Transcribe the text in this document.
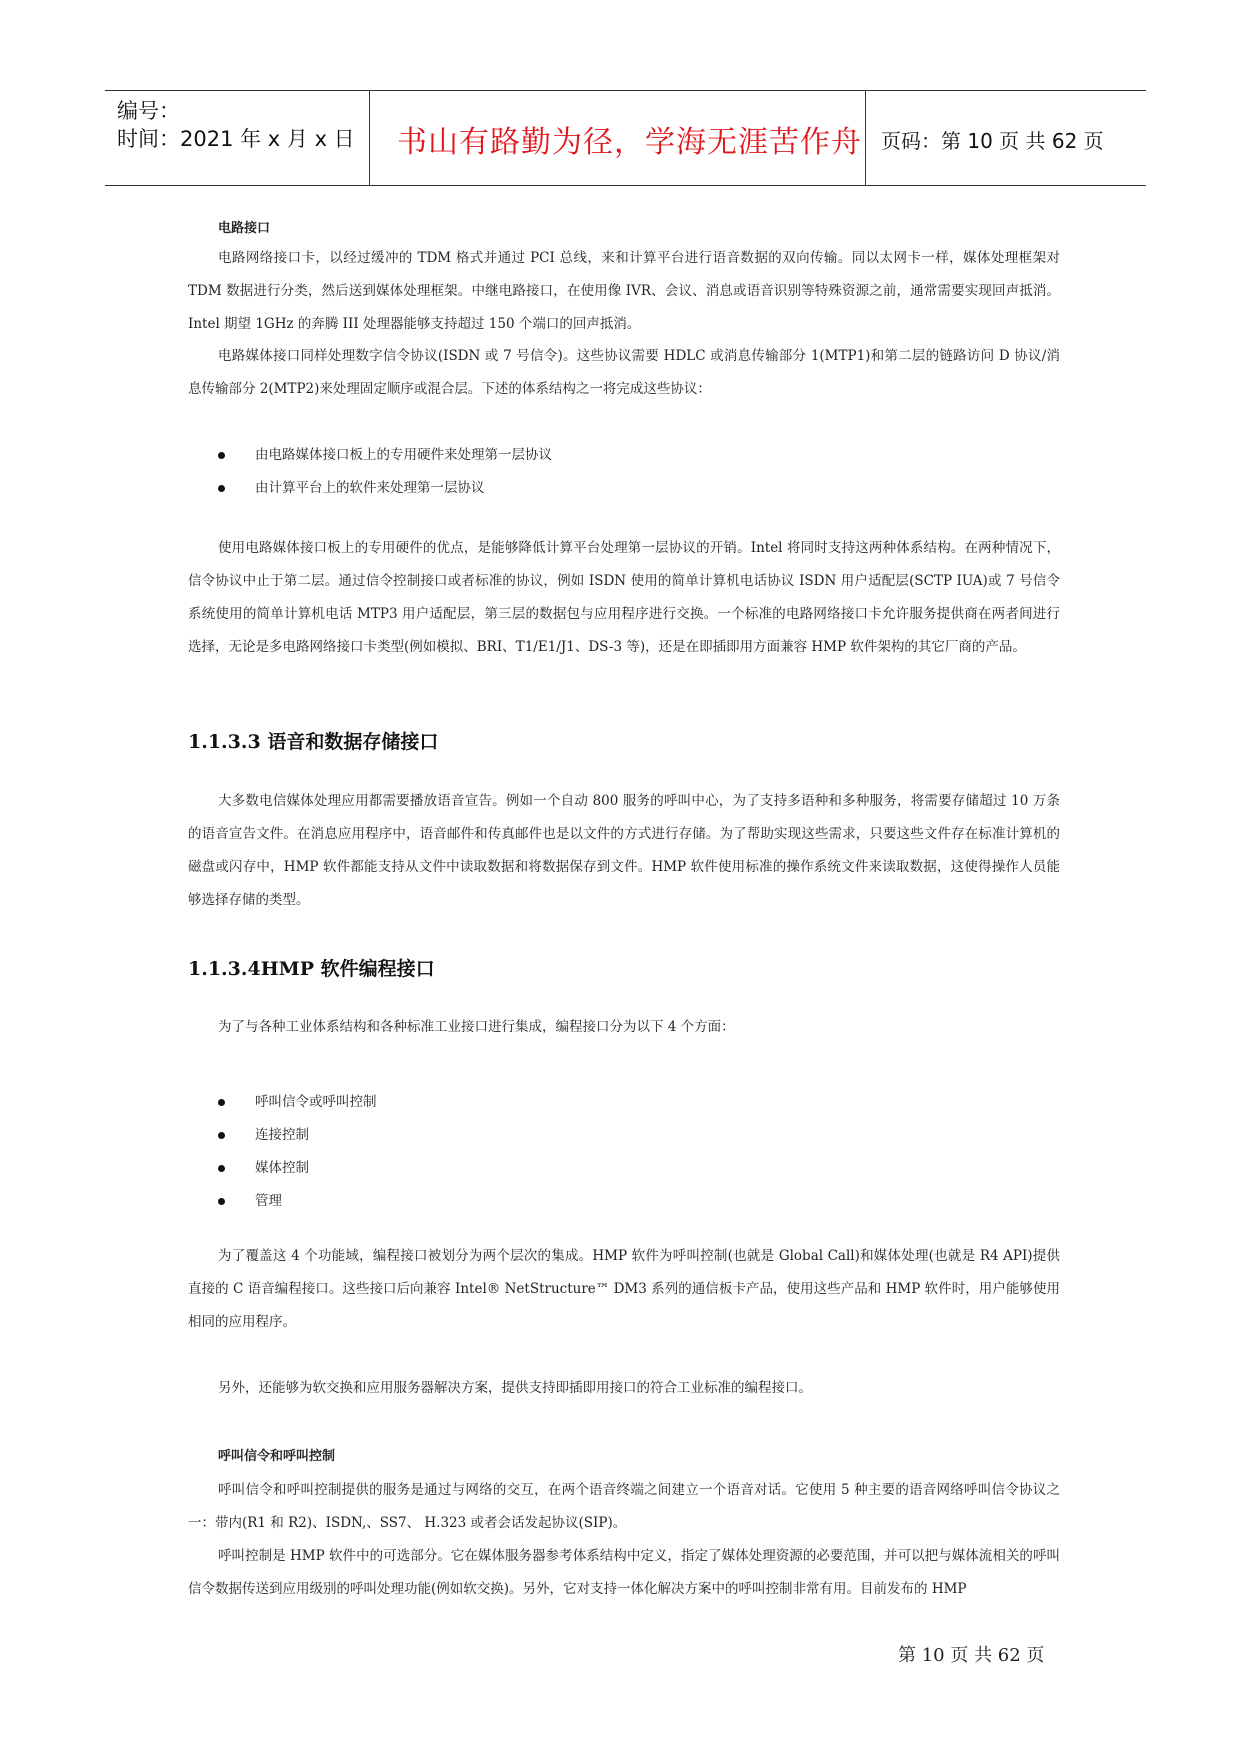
编号：
时间：2021 年 x 月 x 日 书山有路勤为径，学海无涯苦作舟 页码：第 10 页 共 62 页

电路接口

电路网络接口卡，以经过缓冲的 TDM 格式并通过 PCI 总线，来和计算平台进行语音数据的双向传输。同以太网卡一样，媒体处理框架对 TDM 数据进行分类，然后送到媒体处理框架。中继电路接口，在使用像 IVR、会议、消息或语音识别等特殊资源之前，通常需要实现回声抵消。Intel 期望 1GHz 的奔腾 III 处理器能够支持超过 150 个端口的回声抵消。

电路媒体接口同样处理数字信令协议(ISDN 或 7 号信令)。这些协议需要 HDLC 或消息传输部分 1(MTP1)和第二层的链路访问 D 协议/消息传输部分 2(MTP2)来处理固定顺序或混合层。下述的体系结构之一将完成这些协议：

由电路媒体接口板上的专用硬件来处理第一层协议
由计算平台上的软件来处理第一层协议

使用电路媒体接口板上的专用硬件的优点，是能够降低计算平台处理第一层协议的开销。Intel 将同时支持这两种体系结构。在两种情况下，信令协议中止于第二层。通过信令控制接口或者标准的协议，例如 ISDN 使用的简单计算机电话协议 ISDN 用户适配层(SCTP IUA)或 7 号信令系统使用的简单计算机电话 MTP3 用户适配层，第三层的数据包与应用程序进行交换。一个标准的电路网络接口卡允许服务提供商在两者间进行选择，无论是多电路网络接口卡类型(例如模拟、BRI、T1/E1/J1、DS-3 等)，还是在即插即用方面兼容 HMP 软件架构的其它厂商的产品。

1.1.3.3 语音和数据存储接口

大多数电信媒体处理应用都需要播放语音宣告。例如一个自动 800 服务的呼叫中心，为了支持多语种和多种服务，将需要存储超过 10 万条的语音宣告文件。在消息应用程序中，语音邮件和传真邮件也是以文件的方式进行存储。为了帮助实现这些需求，只要这些文件存在标准计算机的磁盘或闪存中，HMP 软件都能支持从文件中读取数据和将数据保存到文件。HMP 软件使用标准的操作系统文件来读取数据，这使得操作人员能够选择存储的类型。

1.1.3.4HMP 软件编程接口

为了与各种工业体系结构和各种标准工业接口进行集成，编程接口分为以下 4 个方面：

呼叫信令或呼叫控制
连接控制
媒体控制
管理

为了覆盖这 4 个功能域，编程接口被划分为两个层次的集成。HMP 软件为呼叫控制(也就是 Global Call)和媒体处理(也就是 R4 API)提供直接的 C 语音编程接口。这些接口后向兼容 Intel® NetStructure™ DM3 系列的通信板卡产品，使用这些产品和 HMP 软件时，用户能够使用相同的应用程序。

另外，还能够为软交换和应用服务器解决方案，提供支持即插即用接口的符合工业标准的编程接口。

呼叫信令和呼叫控制

呼叫信令和呼叫控制提供的服务是通过与网络的交互，在两个语音终端之间建立一个语音对话。它使用 5 种主要的语音网络呼叫信令协议之一：带内(R1 和 R2)、ISDN,、SS7、 H.323 或者会话发起协议(SIP)。

呼叫控制是 HMP 软件中的可选部分。它在媒体服务器参考体系结构中定义，指定了媒体处理资源的必要范围，并可以把与媒体流相关的呼叫信令数据传送到应用级别的呼叫处理功能(例如软交换)。另外，它对支持一体化解决方案中的呼叫控制非常有用。目前发布的 HMP

第 10 页 共 62 页
